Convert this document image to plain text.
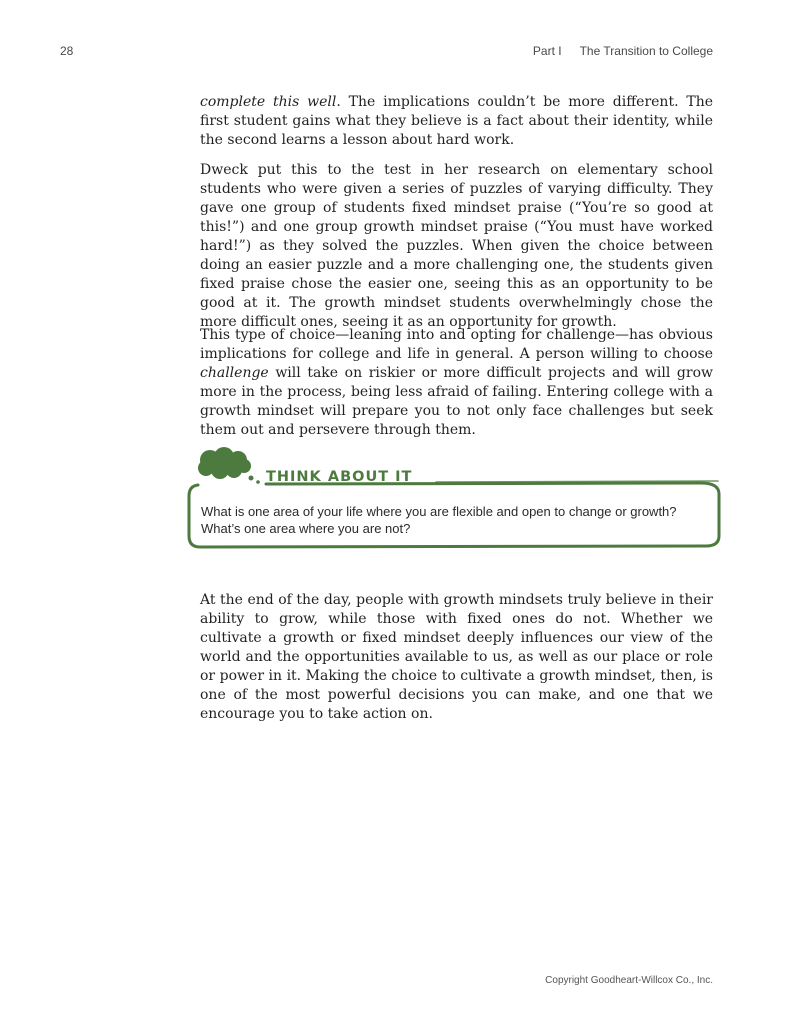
28	Part I The Transition to College

complete this well. The implications couldn’t be more different. The first student gains what they believe is a fact about their identity, while the second learns a lesson about hard work.

Dweck put this to the test in her research on elementary school students who were given a series of puzzles of varying difficulty. They gave one group of students fixed mindset praise (“You’re so good at this!”) and one group growth mindset praise (“You must have worked hard!”) as they solved the puzzles. When given the choice between doing an easier puzzle and a more challenging one, the students given fixed praise chose the easier one, seeing this as an opportunity to be good at it. The growth mindset students overwhelmingly chose the more difficult ones, seeing it as an opportunity for growth.

This type of choice—leaning into and opting for challenge—has obvious implications for college and life in general. A person willing to choose challenge will take on riskier or more difficult projects and will grow more in the process, being less afraid of failing. Entering college with a growth mindset will prepare you to not only face challenges but seek them out and persevere through them.

THINK ABOUT IT
What is one area of your life where you are flexible and open to change or growth? What’s one area where you are not?

At the end of the day, people with growth mindsets truly believe in their ability to grow, while those with fixed ones do not. Whether we cultivate a growth or fixed mindset deeply influences our view of the world and the opportunities available to us, as well as our place or role or power in it. Making the choice to cultivate a growth mindset, then, is one of the most powerful decisions you can make, and one that we encourage you to take action on.

Copyright Goodheart-Willcox Co., Inc.
